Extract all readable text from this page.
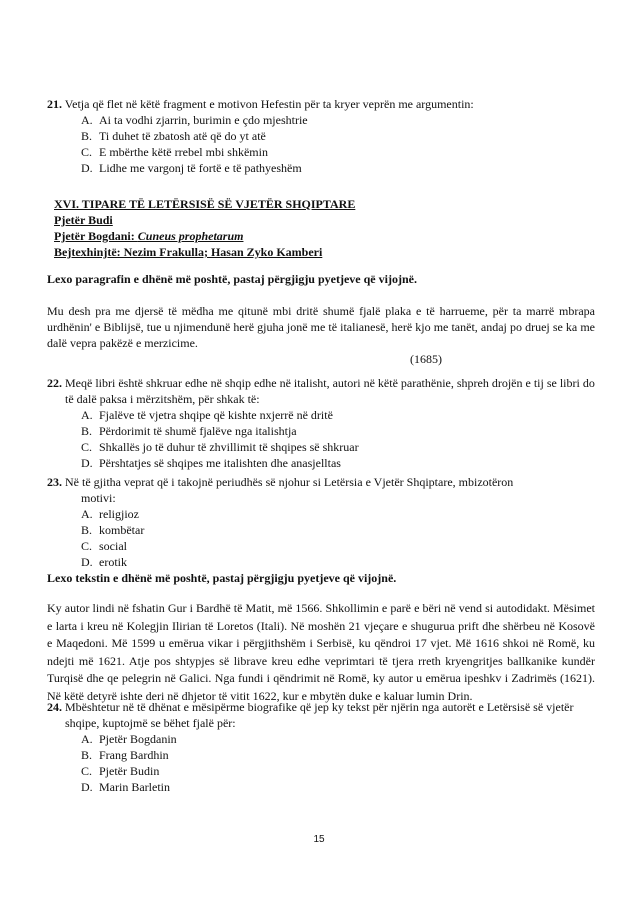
21. Vetja që flet në këtë fragment e motivon Hefestin për ta kryer veprën me argumentin:
A. Ai ta vodhi zjarrin, burimin e çdo mjeshtrie
B. Ti duhet të zbatosh atë që do yt atë
C. E mbërthe këtë rrebel mbi shkëmin
D. Lidhe me vargonj të fortë e të pathyeshëm
XVI. TIPARE TË LETËRSISË SË VJETËR SHQIPTARE
Pjetër Budi
Pjetër Bogdani: Cuneus prophetarum
Bejtexhinjtë: Nezim Frakulla; Hasan Zyko Kamberi
Lexo paragrafin e dhënë më poshtë, pastaj përgjigju pyetjeve që vijojnë.
Mu desh pra me djersë të mëdha me qitunë mbi dritë shumë fjalë plaka e të harrueme, për ta marrë mbrapa urdhënin' e Biblijsë, tue u njimendunë herë gjuha jonë me të italianesë, herë kjo me tanët, andaj po druej se ka me dalë vepra pakëzë e merzicime.
(1685)
22. Meqë libri është shkruar edhe në shqip edhe në italisht, autori në këtë parathënie, shpreh drojën e tij se libri do të dalë paksa i mërzitshëm, për shkak të:
A. Fjalëve të vjetra shqipe që kishte nxjerrë në dritë
B. Përdorimit të shumë fjalëve nga italishtja
C. Shkallës jo të duhur të zhvillimit të shqipes së shkruar
D. Përshtatjes së shqipes me italishten dhe anasjelltas
23. Në të gjitha veprat që i takojnë periudhës së njohur si Letërsia e Vjetër Shqiptare, mbizotëron
motivi:
A. religjioz
B. kombëtar
C. social
D. erotik
Lexo tekstin e dhënë më poshtë, pastaj përgjigju pyetjeve që vijojnë.
Ky autor lindi në fshatin Gur i Bardhë të Matit, më 1566. Shkollimin e parë e bëri në vend si autodidakt. Mësimet e larta i kreu në Kolegjin Ilirian të Loretos (Itali). Në moshën 21 vjeçare e shugurua prift dhe shërbeu në Kosovë e Maqedoni. Më 1599 u emërua vikar i përgjithshëm i Serbisë, ku qëndroi 17 vjet. Më 1616 shkoi në Romë, ku ndejti më 1621. Atje pos shtypjes së librave kreu edhe veprimtari të tjera rreth kryengritjes ballkanike kundër Turqisë dhe qe pelegrin në Galici. Nga fundi i qëndrimit në Romë, ky autor u emërua ipeshkv i Zadrimës (1621). Në këtë detyrë ishte deri në dhjetor të vitit 1622, kur e mbytën duke e kaluar lumin Drin.
24. Mbështetur në të dhënat e mësipërme biografike që jep ky tekst për njërin nga autorët e Letërsisë së vjetër shqipe, kuptojmë se bëhet fjalë për:
A. Pjetër Bogdanin
B. Frang Bardhin
C. Pjetër Budin
D. Marin Barletin
15
